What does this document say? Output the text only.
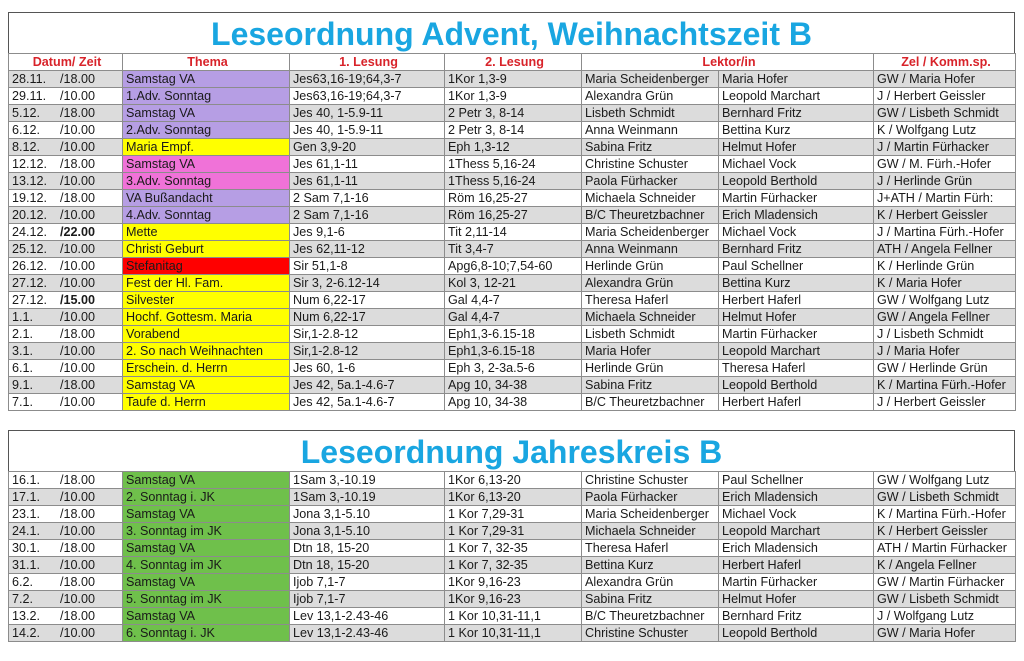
Leseordnung Advent, Weihnachtszeit B
Datum/ Zeit	Thema	1. Lesung	2. Lesung	Lektor/in		Zel / Komm.sp.
28.11. /18.00	Samstag VA	Jes63,16-19;64,3-7	1Kor 1,3-9	Maria Scheidenberger	Maria Hofer	GW / Maria Hofer
29.11. /10.00	1.Adv. Sonntag	Jes63,16-19;64,3-7	1Kor 1,3-9	Alexandra Grün	Leopold Marchart	J / Herbert Geissler
5.12. /18.00	Samstag VA	Jes 40, 1-5.9-11	2 Petr 3, 8-14	Lisbeth Schmidt	Bernhard Fritz	GW / Lisbeth Schmidt
6.12. /10.00	2.Adv. Sonntag	Jes 40, 1-5.9-11	2 Petr 3, 8-14	Anna Weinmann	Bettina Kurz	K / Wolfgang Lutz
8.12. /10.00	Maria Empf.	Gen 3,9-20	Eph 1,3-12	Sabina Fritz	Helmut Hofer	J / Martin Fürhacker
12.12. /18.00	Samstag VA	Jes 61,1-11	1Thess 5,16-24	Christine Schuster	Michael Vock	GW / M. Fürh.-Hofer
13.12. /10.00	3.Adv. Sonntag	Jes 61,1-11	1Thess 5,16-24	Paola Fürhacker	Leopold Berthold	J / Herlinde Grün
19.12. /18.00	VA Bußandacht	2 Sam 7,1-16	Röm 16,25-27	Michaela Schneider	Martin Fürhacker	J+ATH / Martin Fürh:
20.12. /10.00	4.Adv. Sonntag	2 Sam 7,1-16	Röm 16,25-27	B/C Theuretzbachner	Erich Mladensich	K / Herbert Geissler
24.12. /22.00	Mette	Jes 9,1-6	Tit 2,11-14	Maria Scheidenberger	Michael Vock	J / Martina Fürh.-Hofer
25.12. /10.00	Christi Geburt	Jes 62,11-12	Tit 3,4-7	Anna Weinmann	Bernhard Fritz	ATH / Angela Fellner
26.12. /10.00	Stefanitag	Sir 51,1-8	Apg6,8-10;7,54-60	Herlinde Grün	Paul Schellner	K / Herlinde Grün
27.12. /10.00	Fest der Hl. Fam.	Sir 3, 2-6.12-14	Kol 3, 12-21	Alexandra Grün	Bettina Kurz	K / Maria Hofer
27.12. /15.00	Silvester	Num 6,22-17	Gal 4,4-7	Theresa Haferl	Herbert Haferl	GW / Wolfgang Lutz
1.1. /10.00	Hochf. Gottesm. Maria	Num 6,22-17	Gal 4,4-7	Michaela Schneider	Helmut Hofer	GW / Angela Fellner
2.1. /18.00	Vorabend	Sir,1-2.8-12	Eph1,3-6.15-18	Lisbeth Schmidt	Martin Fürhacker	J / Lisbeth Schmidt
3.1. /10.00	2. So nach Weihnachten	Sir,1-2.8-12	Eph1,3-6.15-18	Maria Hofer	Leopold Marchart	J / Maria Hofer
6.1. /10.00	Erschein. d. Herrn	Jes 60, 1-6	Eph 3, 2-3a.5-6	Herlinde Grün	Theresa Haferl	GW / Herlinde Grün
9.1. /18.00	Samstag VA	Jes 42, 5a.1-4.6-7	Apg 10, 34-38	Sabina Fritz	Leopold Berthold	K / Martina Fürh.-Hofer
7.1. /10.00	Taufe d. Herrn	Jes 42, 5a.1-4.6-7	Apg 10, 34-38	B/C Theuretzbachner	Herbert Haferl	J / Herbert Geissler
Leseordnung Jahreskreis B
16.1. /18.00	Samstag VA	1Sam 3,-10.19	1Kor 6,13-20	Christine Schuster	Paul Schellner	GW / Wolfgang Lutz
17.1. /10.00	2. Sonntag i. JK	1Sam 3,-10.19	1Kor 6,13-20	Paola Fürhacker	Erich Mladensich	GW / Lisbeth Schmidt
23.1. /18.00	Samstag VA	Jona 3,1-5.10	1 Kor 7,29-31	Maria Scheidenberger	Michael Vock	K / Martina Fürh.-Hofer
24.1. /10.00	3. Sonntag im JK	Jona 3,1-5.10	1 Kor 7,29-31	Michaela Schneider	Leopold Marchart	K / Herbert Geissler
30.1. /18.00	Samstag VA	Dtn 18, 15-20	1 Kor 7, 32-35	Theresa Haferl	Erich Mladensich	ATH / Martin Fürhacker
31.1. /10.00	4. Sonntag im JK	Dtn 18, 15-20	1 Kor 7, 32-35	Bettina Kurz	Herbert Haferl	K / Angela Fellner
6.2. /18.00	Samstag VA	Ijob 7,1-7	1Kor 9,16-23	Alexandra Grün	Martin Fürhacker	GW / Martin Fürhacker
7.2. /10.00	5. Sonntag im JK	Ijob 7,1-7	1Kor 9,16-23	Sabina Fritz	Helmut Hofer	GW / Lisbeth Schmidt
13.2. /18.00	Samstag VA	Lev 13,1-2.43-46	1 Kor 10,31-11,1	B/C Theuretzbachner	Bernhard Fritz	J / Wolfgang Lutz
14.2. /10.00	6. Sonntag i. JK	Lev 13,1-2.43-46	1 Kor 10,31-11,1	Christine Schuster	Leopold Berthold	GW / Maria Hofer
